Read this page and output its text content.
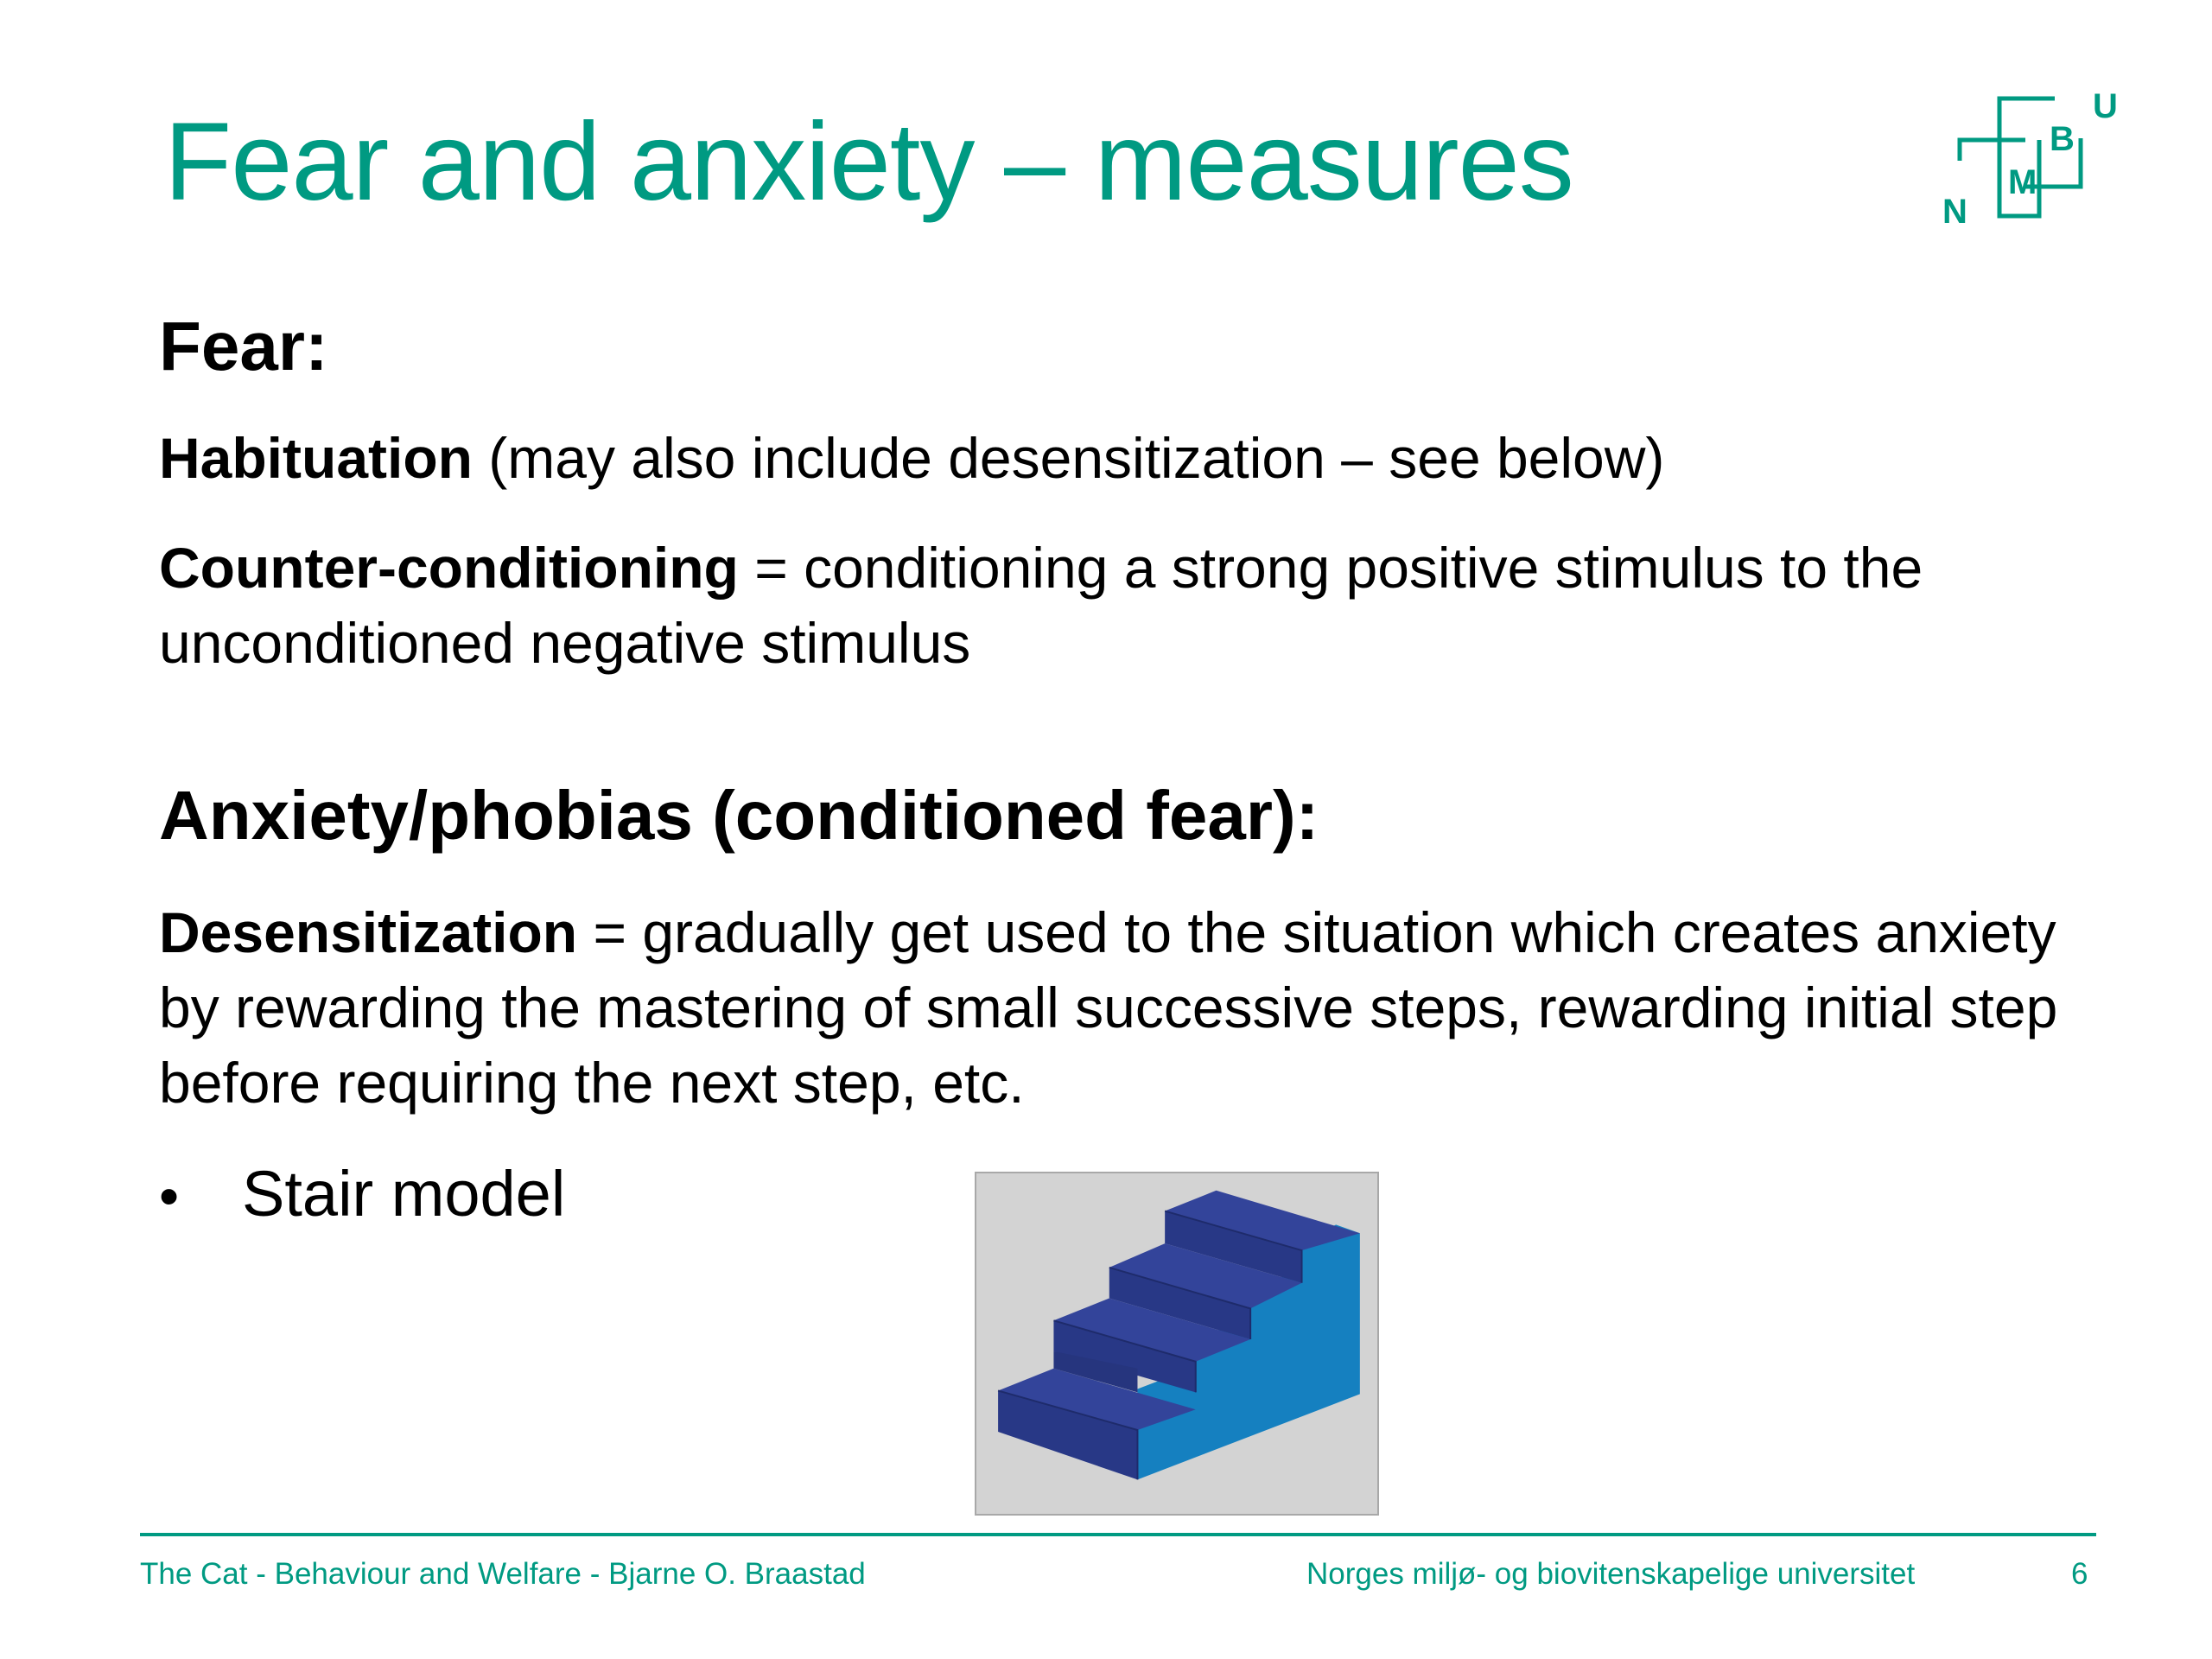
Fear and anxiety – measures	N
M
B
U
Fear:

Habituation (may also include desensitization – see below)

Counter-conditioning = conditioning a strong positive stimulus to the unconditioned negative stimulus

Anxiety/phobias (conditioned fear):

Desensitization = gradually get used to the situation which creates anxiety by rewarding the mastering of small successive steps, rewarding initial step before requiring the next step, etc.

• Stair model
The Cat - Behaviour and Welfare - Bjarne O. Braastad	Norges miljø- og biovitenskapelige universitet	6
